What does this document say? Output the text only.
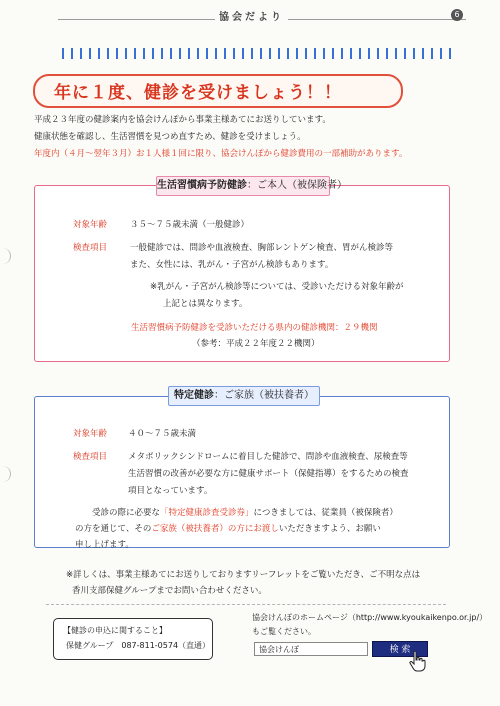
協会だより	6
年に１度、健診を受けましょう！！
平成２３年度の健診案内を協会けんぽから事業主様あてにお送りしています。
健康状態を確認し、生活習慣を見つめ直すため、健診を受けましょう。
年度内（４月～翌年３月）お１人様１回に限り、協会けんぽから健診費用の一部補助があります。
生活習慣病予防健診：ご本人（被保険者）
対象年齢	３５～７５歳未満（一般健診）
検査項目	一般健診では、問診や血液検査、胸部レントゲン検査、胃がん検診等
また、女性には、乳がん・子宮がん検診もあります。
※乳がん・子宮がん検診等については、受診いただける対象年齢が
上記とは異なります。
生活習慣病予防健診を受診いただける県内の健診機関：２９機関
（参考：平成２２年度２２機関）
特定健診：ご家族（被扶養者）
対象年齢 ４０～７５歳未満
検査項目 メタボリックシンドロームに着目した健診で、問診や血液検査、尿検査等
生活習慣の改善が必要な方に健康サポート（保健指導）をするための検査
項目となっています。
受診の際に必要な「特定健康診査受診券」につきましては、従業員（被保険者）
の方を通じて、そのご家族（被扶養者）の方にお渡しいただきますよう、お願い
申し上げます。
※詳しくは、事業主様あてにお送りしておりますリーフレットをご覧いただき、ご不明な点は
香川支部保健グループまでお問い合わせください。
【健診の申込に関すること】
保健グループ　087-811-0574（直通）
協会けんぽのホームページ（http://www.kyoukaikenpo.or.jp/）
もご覧ください。
協会けんぽ	検 索
